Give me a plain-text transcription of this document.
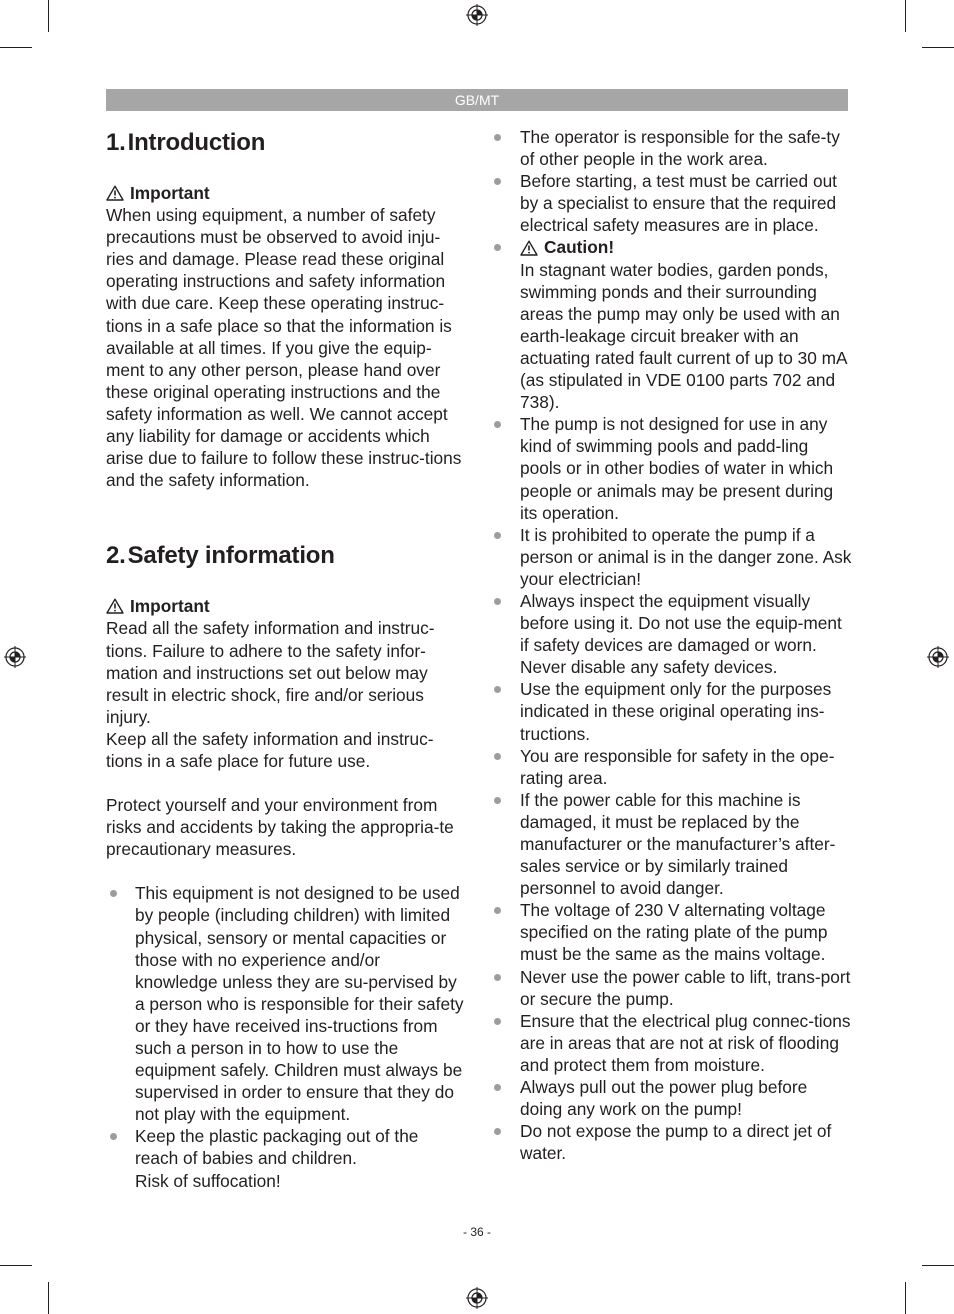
GB/MT
1.Introduction
Important

When using equipment, a number of safety precautions must be observed to avoid inju-ries and damage. Please read these original operating instructions and safety information with due care. Keep these operating instruc-tions in a safe place so that the information is available at all times. If you give the equip-ment to any other person, please hand over these original operating instructions and the safety information as well. We cannot accept any liability for damage or accidents which arise due to failure to follow these instruc-tions and the safety information.

2.Safety information
Important

Read all the safety information and instruc-tions. Failure to adhere to the safety infor-mation and instructions set out below may result in electric shock, fire and/or serious injury.

Keep all the safety information and instruc-tions in a safe place for future use.

Protect yourself and your environment from risks and accidents by taking the appropria-te precautionary measures.

This equipment is not designed to be used by people (including children) with limited physical, sensory or mental capacities or those with no experience and/or knowledge unless they are su-pervised by a person who is responsible for their safety or they have received ins-tructions from such a person in to how to use the equipment safely. Children must always be supervised in order to ensure that they do not play with the equipment.
Keep the plastic packaging out of the reach of babies and children.
Risk of suffocation!
The operator is responsible for the safe-ty of other people in the work area.
Before starting, a test must be carried out by a specialist to ensure that the required electrical safety measures are in place.
Caution!
In stagnant water bodies, garden ponds, swimming ponds and their surrounding areas the pump may only be used with an earth-leakage circuit breaker with an actuating rated fault current of up to 30 mA (as stipulated in VDE 0100 parts 702 and 738).
The pump is not designed for use in any kind of swimming pools and padd-ling pools or in other bodies of water in which people or animals may be present during its operation.
It is prohibited to operate the pump if a person or animal is in the danger zone. Ask your electrician!
Always inspect the equipment visually before using it. Do not use the equip-ment if safety devices are damaged or worn. Never disable any safety devices.
Use the equipment only for the purposes indicated in these original operating ins-tructions.
You are responsible for safety in the ope-rating area.
If the power cable for this machine is damaged, it must be replaced by the manufacturer or the manufacturer’s after-sales service or by similarly trained personnel to avoid danger.
The voltage of 230 V alternating voltage specified on the rating plate of the pump must be the same as the mains voltage.
Never use the power cable to lift, trans-port or secure the pump.
Ensure that the electrical plug connec-tions are in areas that are not at risk of flooding and protect them from moisture.
Always pull out the power plug before doing any work on the pump!
Do not expose the pump to a direct jet of water.
- 36 -
